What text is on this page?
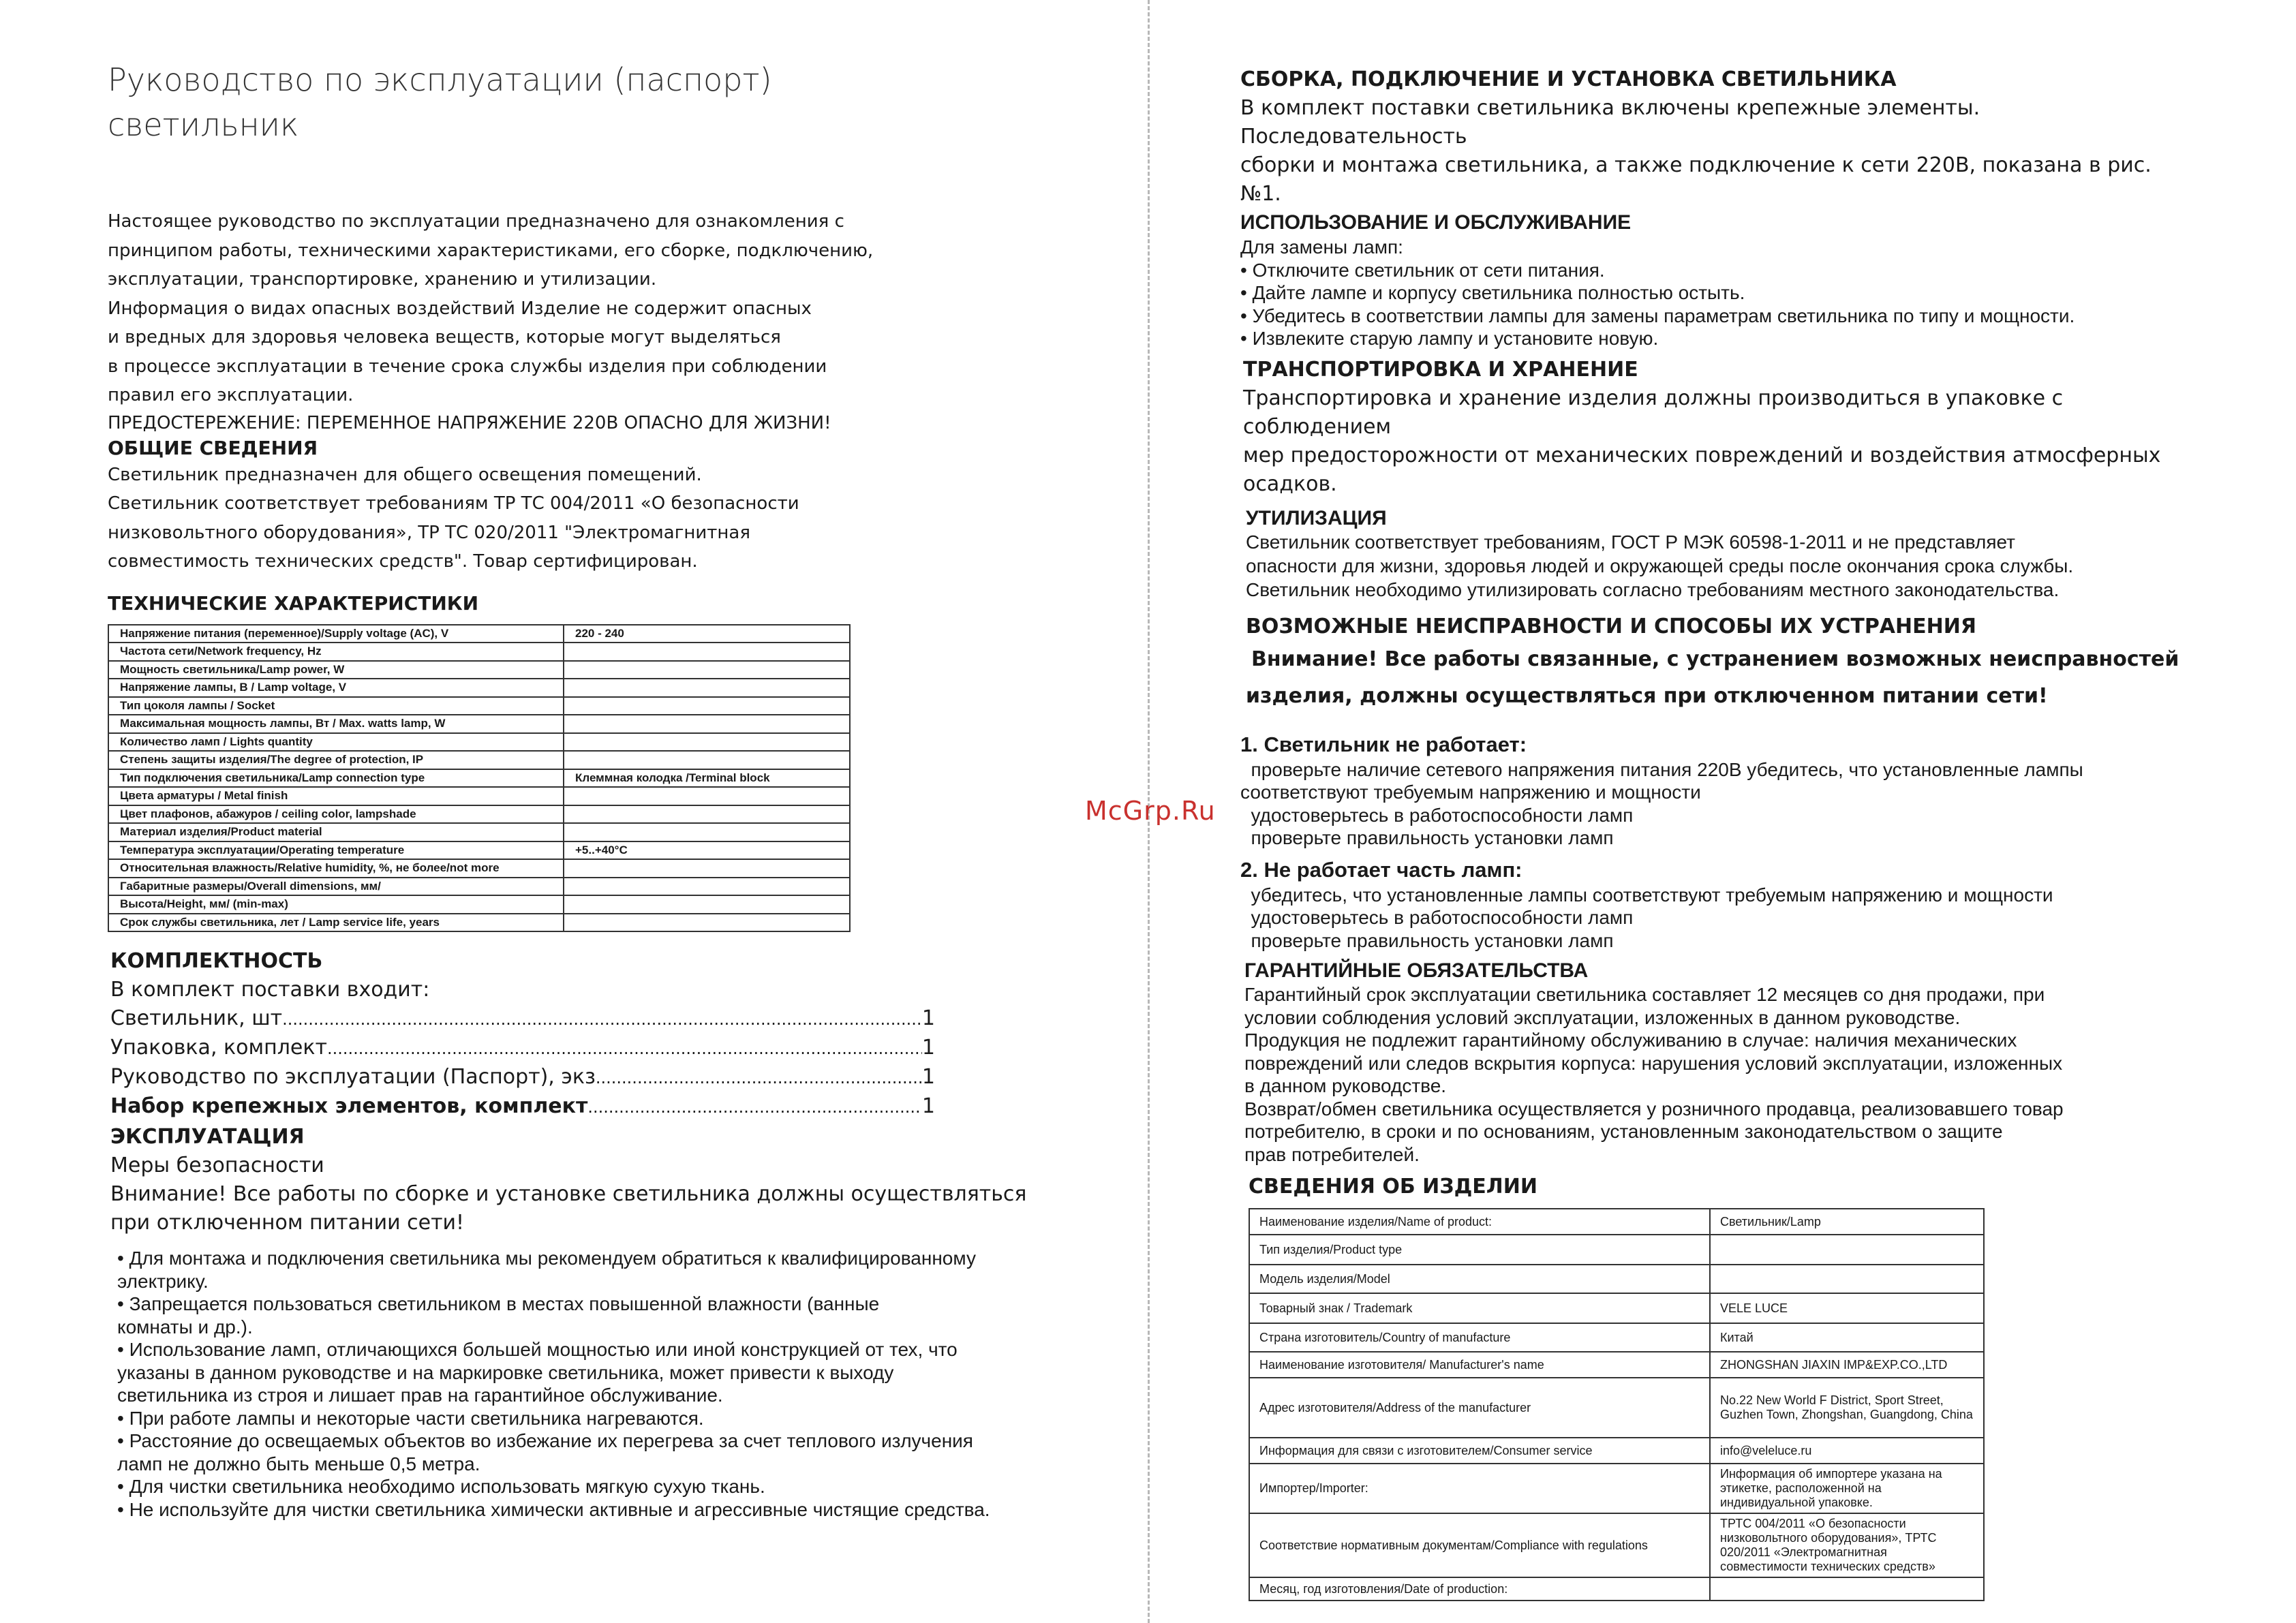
McGrp.Ru

Руководство по эксплуатации (паспорт)

светильник

Настоящее руководство по эксплуатации предназначено для ознакомления с

принципом работы, техническими характеристиками, его сборке, подключению,

эксплуатации, транспортировке, хранению и утилизации.

Информация о видах опасных воздействий Изделие не содержит опасных

и вредных для здоровья человека веществ, которые могут выделяться

в процессе эксплуатации в течение срока службы изделия при соблюдении

правил его эксплуатации.

ПРЕДОСТЕРЕЖЕНИЕ: ПЕРЕМЕННОЕ НАПРЯЖЕНИЕ 220В ОПАСНО ДЛЯ ЖИЗНИ!

ОБЩИЕ СВЕДЕНИЯ

Светильник предназначен для общего освещения помещений.

Светильник соответствует требованиям ТР ТС 004/2011 «О безопасности

низковольтного оборудования», ТР ТС 020/2011 "Электромагнитная

совместимость технических средств". Товар сертифицирован.

ТЕХНИЧЕСКИЕ ХАРАКТЕРИСТИКИ

Напряжение питания (переменное)/Supply voltage (AC), V	220 - 240
Частота сети/Network frequency, Hz	
Мощность светильника/Lamp power, W	
Напряжение лампы, В / Lamp voltage, V	
Тип цоколя лампы / Socket	
Максимальная мощность лампы, Вт / Max. watts lamp, W	
Количество ламп / Lights quantity	
Степень защиты изделия/The degree of protection, IP	
Тип подключения светильника/Lamp connection type	Клеммная колодка /Terminal block
Цвета арматуры / Metal finish	
Цвет плафонов, абажуров / ceiling color, lampshade	
Материал изделия/Product material	
Температура эксплуатации/Operating temperature	+5..+40°C
Относительная влажность/Relative humidity, %, не более/not more	
Габаритные размеры/Overall dimensions, мм/	
Высота/Height, мм/ (min-max)	
Срок службы светильника, лет / Lamp service life, years	

КОМПЛЕКТНОСТЬ

В комплект поставки входит:

Светильник, шт .....	1
Упаковка, комплект .....	1
Руководство по эксплуатации (Паспорт), экз .....	1
Набор крепежных элементов, комплект .....	1

ЭКСПЛУАТАЦИЯ

Меры безопасности

Внимание! Все работы по сборке и установке светильника должны осуществляться

при отключенном питании сети!

• Для монтажа и подключения светильника мы рекомендуем обратиться к квалифицированному

электрику.

• Запрещается пользоваться светильником в местах повышенной влажности (ванные

комнаты и др.).

• Использование ламп, отличающихся большей мощностью или иной конструкцией от тех, что

указаны в данном руководстве и на маркировке светильника, может привести к выходу

светильника из строя и лишает прав на гарантийное обслуживание.

• При работе лампы и некоторые части светильника нагреваются.

• Расстояние до освещаемых объектов во избежание их перегрева за счет теплового излучения

ламп не должно быть меньше 0,5 метра.

• Для чистки светильника необходимо использовать мягкую сухую ткань.

• Не используйте для чистки светильника химически активные и агрессивные чистящие средства.

СБОРКА, ПОДКЛЮЧЕНИЕ И УСТАНОВКА СВЕТИЛЬНИКА

В комплект поставки светильника включены крепежные элементы. Последовательность

сборки и монтажа светильника, а также подключение к сети 220В, показана в рис. №1.

ИСПОЛЬЗОВАНИЕ И ОБСЛУЖИВАНИЕ

Для замены ламп:

• Отключите светильник от сети питания.

• Дайте лампе и корпусу светильника полностью остыть.

• Убедитесь в соответствии лампы для замены параметрам светильника по типу и мощности.

• Извлеките старую лампу и установите новую.

ТРАНСПОРТИРОВКА И ХРАНЕНИЕ

Транспортировка и хранение изделия должны производиться в упаковке с соблюдением

мер предосторожности от механических повреждений и воздействия атмосферных

осадков.

УТИЛИЗАЦИЯ

Светильник соответствует требованиям, ГОСТ Р МЭК 60598-1-2011 и не представляет

опасности для жизни, здоровья людей и окружающей среды после окончания срока службы.

Светильник необходимо утилизировать согласно требованиям местного законодательства.

ВОЗМОЖНЫЕ НЕИСПРАВНОСТИ И СПОСОБЫ ИХ УСТРАНЕНИЯ

Внимание! Все работы связанные, с устранением возможных неисправностей

изделия, должны осуществляться при отключенном питании сети!

1. Светильник не работает:

проверьте наличие сетевого напряжения питания 220В убедитесь, что установленные лампы

соответствуют требуемым напряжению и мощности

удостоверьтесь в работоспособности ламп

проверьте правильность установки ламп

2. Не работает часть ламп:

убедитесь, что установленные лампы соответствуют требуемым напряжению и мощности

удостоверьтесь в работоспособности ламп

проверьте правильность установки ламп

ГАРАНТИЙНЫЕ ОБЯЗАТЕЛЬСТВА

Гарантийный срок эксплуатации светильника составляет 12 месяцев со дня продажи, при

условии соблюдения условий эксплуатации, изложенных в данном руководстве.

Продукция не подлежит гарантийному обслуживанию в случае: наличия механических

повреждений или следов вскрытия корпуса: нарушения условий эксплуатации, изложенных

в данном руководстве.

Возврат/обмен светильника осуществляется у розничного продавца, реализовавшего товар

потребителю, в сроки и по основаниям, установленным законодательством о защите

прав потребителей.

СВЕДЕНИЯ ОБ ИЗДЕЛИИ

Наименование изделия/Name of product:	Светильник/Lamp
Тип изделия/Product type	
Модель изделия/Model	
Товарный знак / Trademark	VELE LUCE
Страна изготовитель/Country of manufacture	Китай
Наименование изготовителя/ Manufacturer's name	ZHONGSHAN JIAXIN IMP&EXP.CO.,LTD
Адрес изготовителя/Address of the manufacturer	No.22 New World F District, Sport Street, Guzhen Town, Zhongshan, Guangdong, China
Информация для связи с изготовителем/Consumer service	info@veleluce.ru
Импортер/Importer:	Информация об импортере указана на этикетке, расположенной на индивидуальной упаковке.
Соответствие нормативным документам/Compliance with regulations	ТРТС 004/2011 «О безопасности низковольтного оборудования», ТРТС 020/2011 «Электромагнитная совместимости технических средств»
Месяц, год изготовления/Date of production:	
